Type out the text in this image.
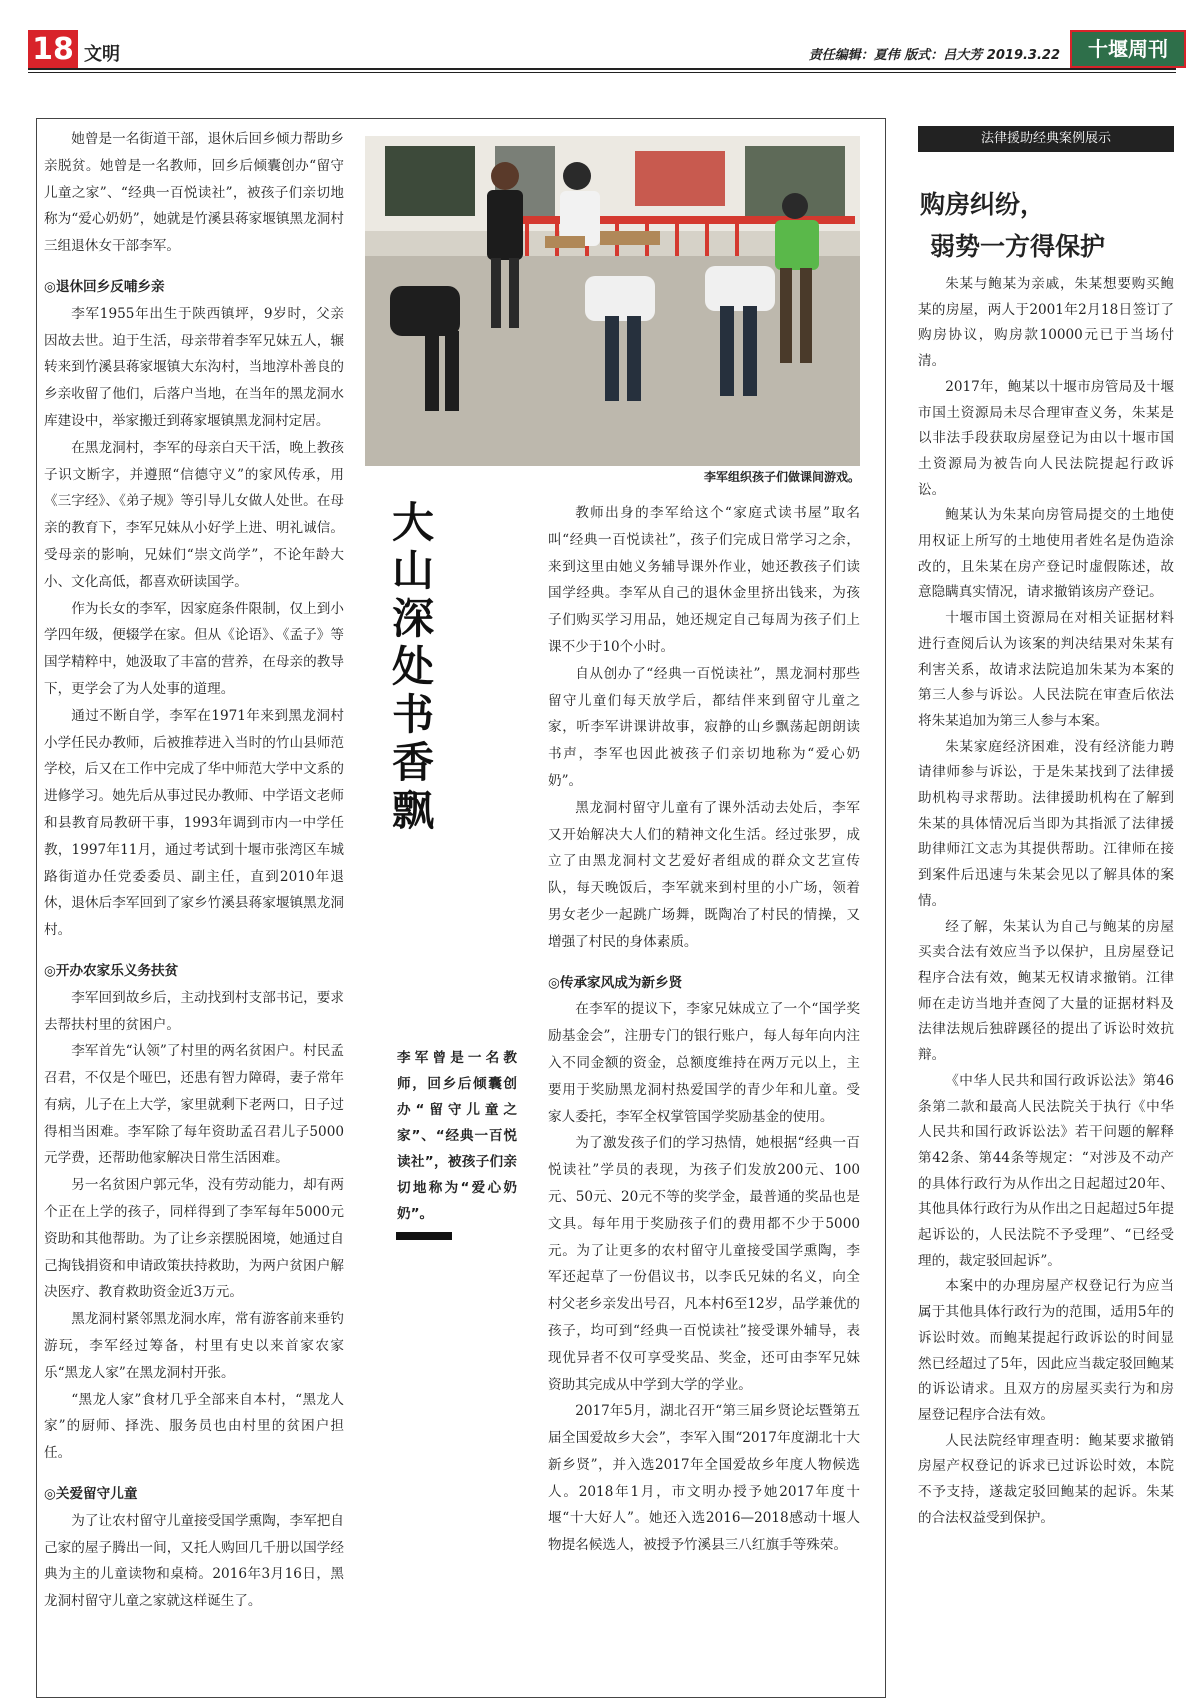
18 文明	责任编辑：夏伟 版式：吕大芳 2019.3.22	十堰周刊

她曾是一名街道干部，退休后回乡倾力帮助乡亲脱贫。她曾是一名教师，回乡后倾囊创办“留守儿童之家”、“经典一百悦读社”，被孩子们亲切地称为“爱心奶奶”，她就是竹溪县蒋家堰镇黑龙洞村三组退休女干部李军。

◎退休回乡反哺乡亲

李军1955年出生于陕西镇坪，9岁时，父亲因故去世。迫于生活，母亲带着李军兄妹五人，辗转来到竹溪县蒋家堰镇大东沟村，当地淳朴善良的乡亲收留了他们，后落户当地，在当年的黑龙洞水库建设中，举家搬迁到蒋家堰镇黑龙洞村定居。

在黑龙洞村，李军的母亲白天干活，晚上教孩子识文断字，并遵照“信德守义”的家风传承，用《三字经》、《弟子规》等引导儿女做人处世。在母亲的教育下，李军兄妹从小好学上进、明礼诚信。受母亲的影响，兄妹们“崇文尚学”，不论年龄大小、文化高低，都喜欢研读国学。

作为长女的李军，因家庭条件限制，仅上到小学四年级，便辍学在家。但从《论语》、《孟子》等国学精粹中，她汲取了丰富的营养，在母亲的教导下，更学会了为人处事的道理。

通过不断自学，李军在1971年来到黑龙洞村小学任民办教师，后被推荐进入当时的竹山县师范学校，后又在工作中完成了华中师范大学中文系的进修学习。她先后从事过民办教师、中学语文老师和县教育局教研干事，1993年调到市内一中学任教，1997年11月，通过考试到十堰市张湾区车城路街道办任党委委员、副主任，直到2010年退休，退休后李军回到了家乡竹溪县蒋家堰镇黑龙洞村。

◎开办农家乐义务扶贫

李军回到故乡后，主动找到村支部书记，要求去帮扶村里的贫困户。

李军首先“认领”了村里的两名贫困户。村民孟召君，不仅是个哑巴，还患有智力障碍，妻子常年有病，儿子在上大学，家里就剩下老两口，日子过得相当困难。李军除了每年资助孟召君儿子5000元学费，还帮助他家解决日常生活困难。

另一名贫困户郭元华，没有劳动能力，却有两个正在上学的孩子，同样得到了李军每年5000元资助和其他帮助。为了让乡亲摆脱困境，她通过自己掏钱捐资和申请政策扶持救助，为两户贫困户解决医疗、教育救助资金近3万元。

黑龙洞村紧邻黑龙洞水库，常有游客前来垂钓游玩，李军经过筹备，村里有史以来首家农家乐“黑龙人家”在黑龙洞村开张。

“黑龙人家”食材几乎全部来自本村，“黑龙人家”的厨师、择洗、服务员也由村里的贫困户担任。

◎关爱留守儿童

为了让农村留守儿童接受国学熏陶，李军把自己家的屋子腾出一间，又托人购回几千册以国学经典为主的儿童读物和桌椅。2016年3月16日，黑龙洞村留守儿童之家就这样诞生了。

李军组织孩子们做课间游戏。
大山深处书香飘
李军曾是一名教师，回乡后倾囊创办“留守儿童之家”、“经典一百悦读社”，被孩子们亲切地称为“爱心奶奶”。

教师出身的李军给这个“家庭式读书屋”取名叫“经典一百悦读社”，孩子们完成日常学习之余，来到这里由她义务辅导课外作业，她还教孩子们读国学经典。李军从自己的退休金里挤出钱来，为孩子们购买学习用品，她还规定自己每周为孩子们上课不少于10个小时。

自从创办了“经典一百悦读社”，黑龙洞村那些留守儿童们每天放学后，都结伴来到留守儿童之家，听李军讲课讲故事，寂静的山乡飘荡起朗朗读书声，李军也因此被孩子们亲切地称为“爱心奶奶”。

黑龙洞村留守儿童有了课外活动去处后，李军又开始解决大人们的精神文化生活。经过张罗，成立了由黑龙洞村文艺爱好者组成的群众文艺宣传队，每天晚饭后，李军就来到村里的小广场，领着男女老少一起跳广场舞，既陶冶了村民的情操，又增强了村民的身体素质。

◎传承家风成为新乡贤

在李军的提议下，李家兄妹成立了一个“国学奖励基金会”，注册专门的银行账户，每人每年向内注入不同金额的资金，总额度维持在两万元以上，主要用于奖励黑龙洞村热爱国学的青少年和儿童。受家人委托，李军全权掌管国学奖励基金的使用。

为了激发孩子们的学习热情，她根据“经典一百悦读社”学员的表现，为孩子们发放200元、100元、50元、20元不等的奖学金，最普通的奖品也是文具。每年用于奖励孩子们的费用都不少于5000元。为了让更多的农村留守儿童接受国学熏陶，李军还起草了一份倡议书，以李氏兄妹的名义，向全村父老乡亲发出号召，凡本村6至12岁，品学兼优的孩子，均可到“经典一百悦读社”接受课外辅导，表现优异者不仅可享受奖品、奖金，还可由李军兄妹资助其完成从中学到大学的学业。

2017年5月，湖北召开“第三届乡贤论坛暨第五届全国爱故乡大会”，李军入围“2017年度湖北十大新乡贤”，并入选2017年全国爱故乡年度人物候选人。2018年1月，市文明办授予她2017年度十堰“十大好人”。她还入选2016—2018感动十堰人物提名候选人，被授予竹溪县三八红旗手等殊荣。

法律援助经典案例展示
购房纠纷，
弱势一方得保护

朱某与鲍某为亲戚，朱某想要购买鲍某的房屋，两人于2001年2月18日签订了购房协议，购房款10000元已于当场付清。

2017年，鲍某以十堰市房管局及十堰市国土资源局未尽合理审查义务，朱某是以非法手段获取房屋登记为由以十堰市国土资源局为被告向人民法院提起行政诉讼。

鲍某认为朱某向房管局提交的土地使用权证上所写的土地使用者姓名是伪造涂改的，且朱某在房产登记时虚假陈述，故意隐瞒真实情况，请求撤销该房产登记。

十堰市国土资源局在对相关证据材料进行查阅后认为该案的判决结果对朱某有利害关系，故请求法院追加朱某为本案的第三人参与诉讼。人民法院在审查后依法将朱某追加为第三人参与本案。

朱某家庭经济困难，没有经济能力聘请律师参与诉讼，于是朱某找到了法律援助机构寻求帮助。法律援助机构在了解到朱某的具体情况后当即为其指派了法律援助律师江文志为其提供帮助。江律师在接到案件后迅速与朱某会见以了解具体的案情。

经了解，朱某认为自己与鲍某的房屋买卖合法有效应当予以保护，且房屋登记程序合法有效，鲍某无权请求撤销。江律师在走访当地并查阅了大量的证据材料及法律法规后独辟蹊径的提出了诉讼时效抗辩。

《中华人民共和国行政诉讼法》第46条第二款和最高人民法院关于执行《中华人民共和国行政诉讼法》若干问题的解释第42条、第44条等规定：“对涉及不动产的具体行政行为从作出之日起超过20年、其他具体行政行为从作出之日起超过5年提起诉讼的，人民法院不予受理”、“已经受理的，裁定驳回起诉”。

本案中的办理房屋产权登记行为应当属于其他具体行政行为的范围，适用5年的诉讼时效。而鲍某提起行政诉讼的时间显然已经超过了5年，因此应当裁定驳回鲍某的诉讼请求。且双方的房屋买卖行为和房屋登记程序合法有效。

人民法院经审理查明：鲍某要求撤销房屋产权登记的诉求已过诉讼时效，本院不予支持，遂裁定驳回鲍某的起诉。朱某的合法权益受到保护。
